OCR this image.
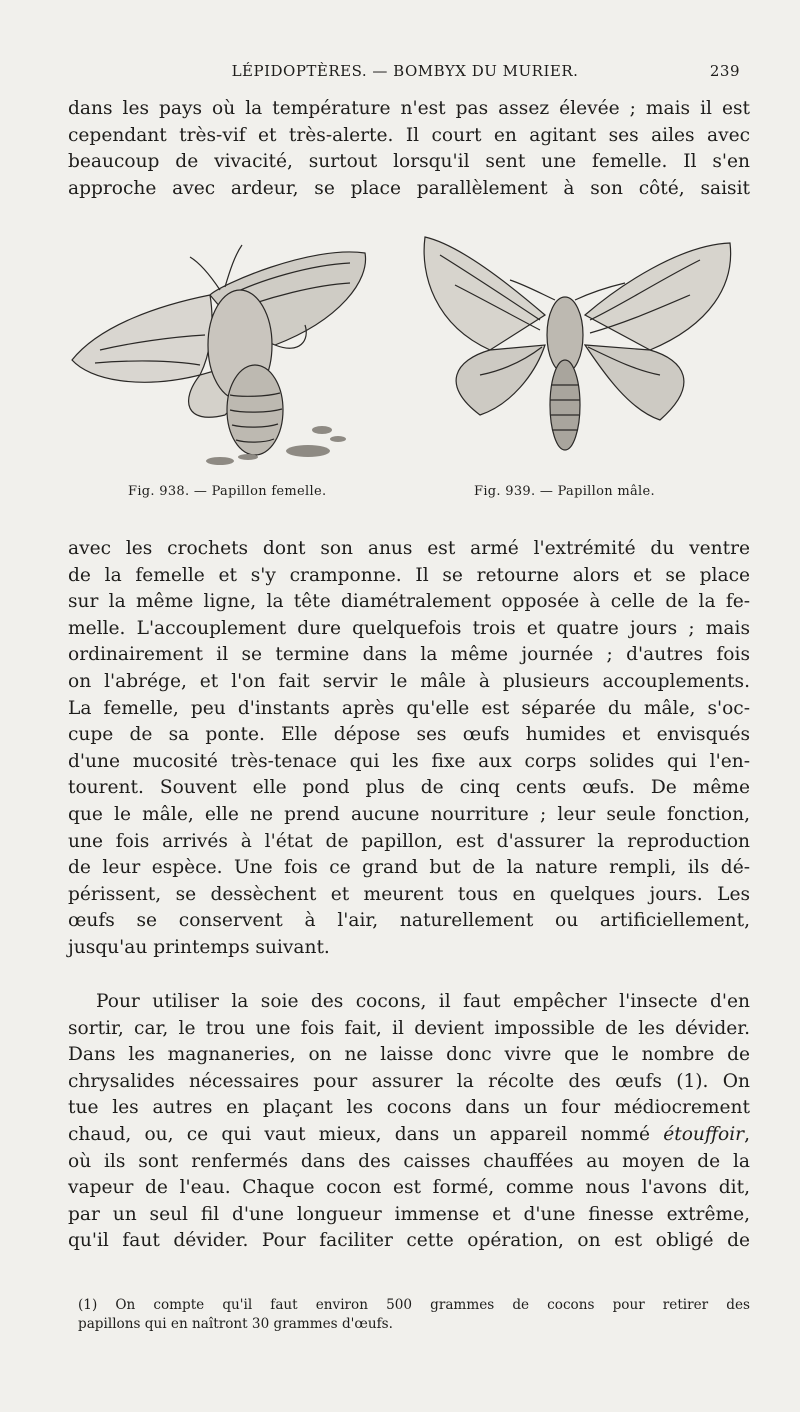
LÉPIDOPTÈRES. — BOMBYX DU MURIER.	239
dans les pays où la température n'est pas assez élevée ; mais il est
cependant très-vif et très-alerte. Il court en agitant ses ailes avec
beaucoup de vivacité, surtout lorsqu'il sent une femelle. Il s'en
approche avec ardeur, se place parallèlement à son côté, saisit
Fig. 938. — Papillon femelle.	Fig. 939. — Papillon mâle.
avec les crochets dont son anus est armé l'extrémité du ventre
de la femelle et s'y cramponne. Il se retourne alors et se place
sur la même ligne, la tête diamétralement opposée à celle de la fe-
melle. L'accouplement dure quelquefois trois et quatre jours ; mais
ordinairement il se termine dans la même journée ; d'autres fois
on l'abrége, et l'on fait servir le mâle à plusieurs accouplements.
La femelle, peu d'instants après qu'elle est séparée du mâle, s'oc-
cupe de sa ponte. Elle dépose ses œufs humides et envisqués
d'une mucosité très-tenace qui les fixe aux corps solides qui l'en-
tourent. Souvent elle pond plus de cinq cents œufs. De même
que le mâle, elle ne prend aucune nourriture ; leur seule fonction,
une fois arrivés à l'état de papillon, est d'assurer la reproduction
de leur espèce. Une fois ce grand but de la nature rempli, ils dé-
périssent, se dessèchent et meurent tous en quelques jours. Les
œufs se conservent à l'air, naturellement ou artificiellement,
jusqu'au printemps suivant.
Pour utiliser la soie des cocons, il faut empêcher l'insecte d'en
sortir, car, le trou une fois fait, il devient impossible de les dévider.
Dans les magnaneries, on ne laisse donc vivre que le nombre de
chrysalides nécessaires pour assurer la récolte des œufs (1). On
tue les autres en plaçant les cocons dans un four médiocrement
chaud, ou, ce qui vaut mieux, dans un appareil nommé étouffoir,
où ils sont renfermés dans des caisses chauffées au moyen de la
vapeur de l'eau. Chaque cocon est formé, comme nous l'avons dit,
par un seul fil d'une longueur immense et d'une finesse extrême,
qu'il faut dévider. Pour faciliter cette opération, on est obligé de
(1) On compte qu'il faut environ 500 grammes de cocons pour retirer des
papillons qui en naîtront 30 grammes d'œufs.
